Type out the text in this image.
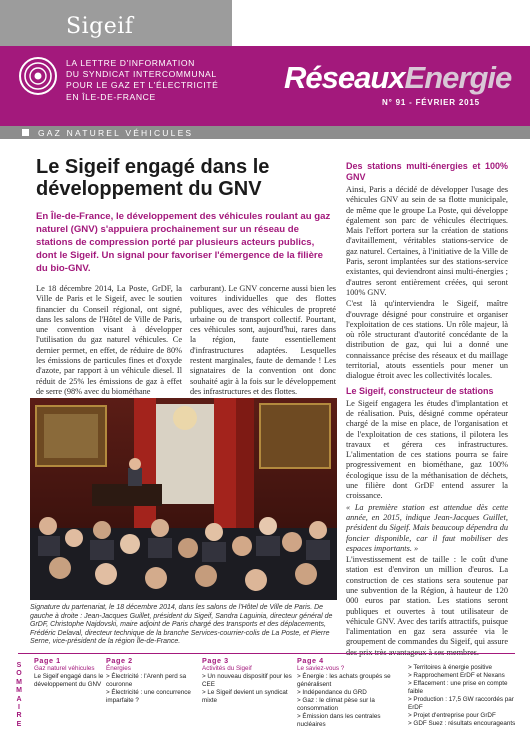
Sigeif
LA LETTRE D'INFORMATION
DU SYNDICAT INTERCOMMUNAL
POUR LE GAZ ET L'ÉLECTRICITÉ
EN ÎLE-DE-FRANCE
RéseauxEnergie
N° 91 - FÉVRIER 2015
GAZ NATUREL VÉHICULES
Le Sigeif engagé dans le développement du GNV

En Île-de-France, le développement des véhicules roulant au gaz naturel (GNV) s'appuiera prochainement sur un réseau de stations de compression porté par plusieurs acteurs publics, dont le Sigeif. Un signal pour favoriser l'émergence de la filière du bio-GNV.

Le 18 décembre 2014, La Poste, GrDF, la Ville de Paris et le Sigeif, avec le soutien financier du Conseil régional, ont signé, dans les salons de l'Hôtel de Ville de Paris, une convention visant à développer l'utilisation du gaz naturel véhicules. Ce dernier permet, en effet, de réduire de 80% les émissions de particules fines et d'oxyde d'azote, par rapport à un véhicule diesel. Il réduit de 25% les émissions de gaz à effet de serre (98% avec du biométhane
carburant). Le GNV concerne aussi bien les voitures individuelles que des flottes publiques, avec des véhicules de propreté urbaine ou de transport collectif. Pourtant, ces véhicules sont, aujourd'hui, rares dans la région, faute essentiellement d'infrastructures adaptées. Lesquelles restent marginales, faute de demande ! Les signataires de la convention ont donc souhaité agir à la fois sur le développement des infrastructures et des flottes.
Des stations multi-énergies et 100% GNV

Ainsi, Paris a décidé de développer l'usage des véhicules GNV au sein de sa flotte municipale, de même que le groupe La Poste, qui développe également son parc de véhicules électriques. Mais l'effort portera sur la création de stations d'avitaillement, véritables stations-service de gaz naturel. Certaines, à l'initiative de la Ville de Paris, seront implantées sur des stations-service existantes, qui deviendront ainsi multi-énergies ; d'autres seront entièrement créées, qui seront 100% GNV.

C'est là qu'interviendra le Sigeif, maître d'ouvrage désigné pour construire et organiser l'exploitation de ces stations. Un rôle majeur, là où rôle structurant d'autorité concédante de la distribution de gaz, qui lui a donné une connaissance précise des réseaux et du maillage territorial, atouts essentiels pour mener un dialogue étroit avec les collectivités locales.

Le Sigeif, constructeur de stations

Le Sigeif engagera les études d'implantation et de réalisation. Puis, désigné comme opérateur chargé de la mise en place, de l'organisation et de l'exploitation de ces stations, il pilotera les travaux et gérera ces infrastructures. L'alimentation de ces stations pourra se faire progressivement en biométhane, gaz 100% écologique issu de la méthanisation de déchets, une filière dont GrDF entend assurer la croissance.

« La première station est attendue dès cette année, en 2015, indique Jean-Jacques Guillet, président du Sigeif. Mais beaucoup dépendra du foncier disponible, car il faut mobiliser des espaces importants. »

L'investissement est de taille : le coût d'une station est d'environ un million d'euros. La construction de ces stations sera soutenue par une subvention de la Région, à hauteur de 120 000 euros par station. Les stations seront publiques et ouvertes à tout utilisateur de véhicule GNV. Avec des tarifs attractifs, puisque l'alimentation en gaz sera assurée via le groupement de commandes du Sigeif, qui assure

Signature du partenariat, le 18 décembre 2014, dans les salons de l'Hôtel de Ville de Paris. De gauche à droite : Jean-Jacques Guillet, président du Sigeif, Sandra Laguinia, directeur général de GrDF, Christophe Najdovski, maire adjoint de Paris chargé des transports et des déplacements, Frédéric Delaval, directeur technique de la branche Services-courrier-colis de La Poste, et Pierre Serne, vice-président de la région Île-de-France.

S
O
M
M
A
I
R
E
Page 1
Gaz naturel véhicules
Le Sigeif engagé dans le développement du GNV
Page 2
Énergies
> Électricité : l'Arenh perd sa couronne
> Électricité : une concurrence imparfaite ?
Page 3
Activités du Sigeif
> Un nouveau dispositif pour les CEE
> Le Sigeif devient un syndicat mixte
Page 4
Le saviez-vous ?
> Énergie : les achats groupés se généralisent
> Indépendance du GRD
> Gaz : le climat pèse sur la consommation
> Émission dans les centrales nucléaires
> Territoires à énergie positive
> Rapprochement ErDF et Nexans
> Effacement : une prise en compte faible
> Production : 17,5 GW raccordés par ErDF
> Projet d'entreprise pour GrDF
> GDF Suez : résultats encourageants
